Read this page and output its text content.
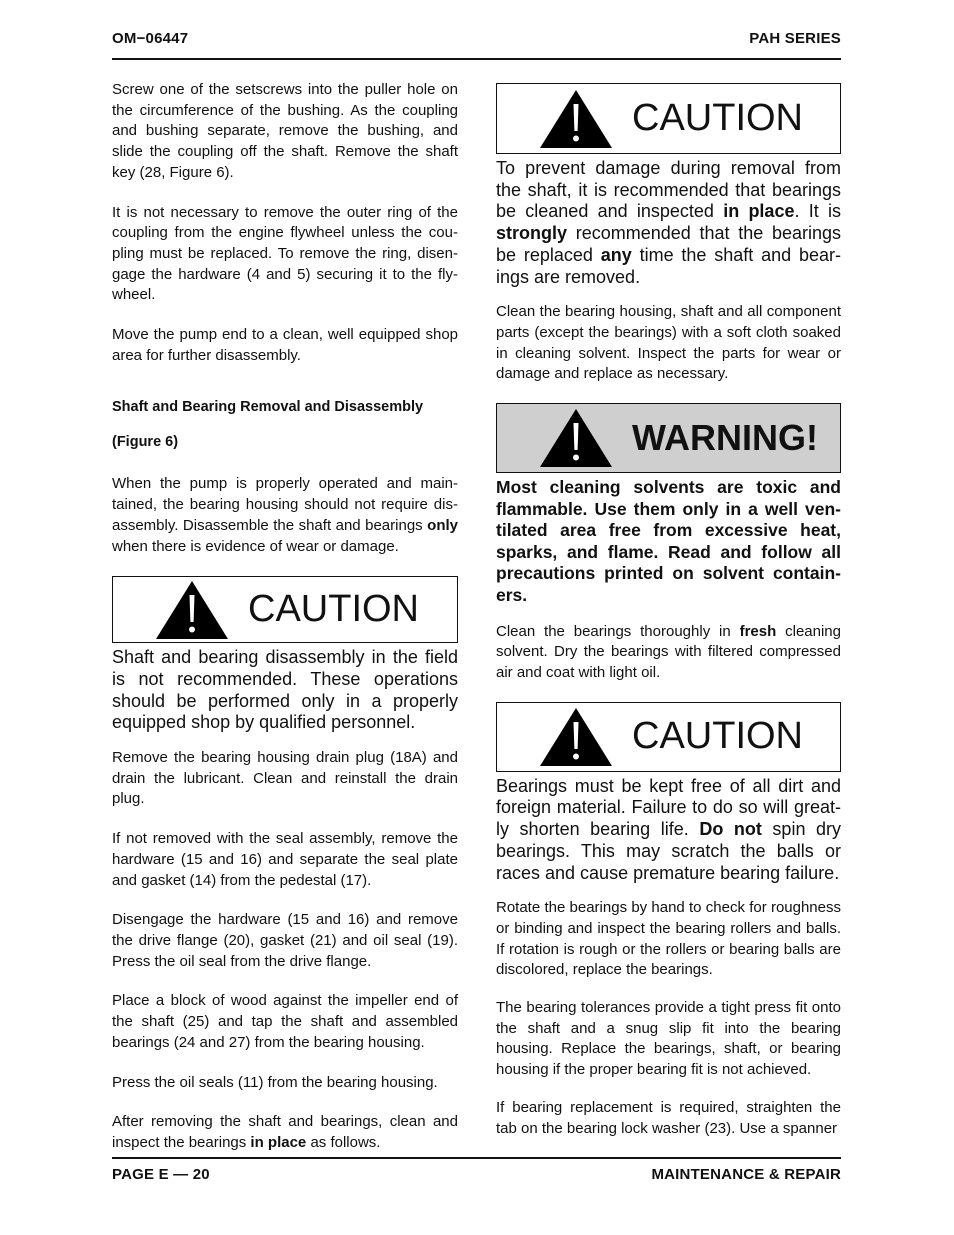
OM−06447	PAH SERIES

Screw one of the setscrews into the puller hole on the circumference of the bushing. As the coupling and bushing separate, remove the bushing, and slide the coupling off the shaft. Remove the shaft key (28, Figure 6).

It is not necessary to remove the outer ring of the coupling from the engine flywheel unless the coupling must be replaced. To remove the ring, disengage the hardware (4 and 5) securing it to the flywheel.

Move the pump end to a clean, well equipped shop area for further disassembly.

Shaft and Bearing Removal and Disassembly

(Figure 6)

When the pump is properly operated and maintained, the bearing housing should not require disassembly. Disassemble the shaft and bearings only when there is evidence of wear or damage.

CAUTION

Shaft and bearing disassembly in the field is not recommended. These operations should be performed only in a properly equipped shop by qualified personnel.

Remove the bearing housing drain plug (18A) and drain the lubricant. Clean and reinstall the drain plug.

If not removed with the seal assembly, remove the hardware (15 and 16) and separate the seal plate and gasket (14) from the pedestal (17).

Disengage the hardware (15 and 16) and remove the drive flange (20), gasket (21) and oil seal (19). Press the oil seal from the drive flange.

Place a block of wood against the impeller end of the shaft (25) and tap the shaft and assembled bearings (24 and 27) from the bearing housing.

Press the oil seals (11) from the bearing housing.

After removing the shaft and bearings, clean and inspect the bearings in place as follows.

CAUTION

To prevent damage during removal from the shaft, it is recommended that bearings be cleaned and inspected in place. It is strongly recommended that the bearings be replaced any time the shaft and bearings are removed.

Clean the bearing housing, shaft and all component parts (except the bearings) with a soft cloth soaked in cleaning solvent. Inspect the parts for wear or damage and replace as necessary.

WARNING!

Most cleaning solvents are toxic and flammable. Use them only in a well ventilated area free from excessive heat, sparks, and flame. Read and follow all precautions printed on solvent containers.

Clean the bearings thoroughly in fresh cleaning solvent. Dry the bearings with filtered compressed air and coat with light oil.

CAUTION

Bearings must be kept free of all dirt and foreign material. Failure to do so will greatly shorten bearing life. Do not spin dry bearings. This may scratch the balls or races and cause premature bearing failure.

Rotate the bearings by hand to check for roughness or binding and inspect the bearing rollers and balls. If rotation is rough or the rollers or bearing balls are discolored, replace the bearings.

The bearing tolerances provide a tight press fit onto the shaft and a snug slip fit into the bearing housing. Replace the bearings, shaft, or bearing housing if the proper bearing fit is not achieved.

If bearing replacement is required, straighten the tab on the bearing lock washer (23). Use a spanner

PAGE E — 20	MAINTENANCE & REPAIR
